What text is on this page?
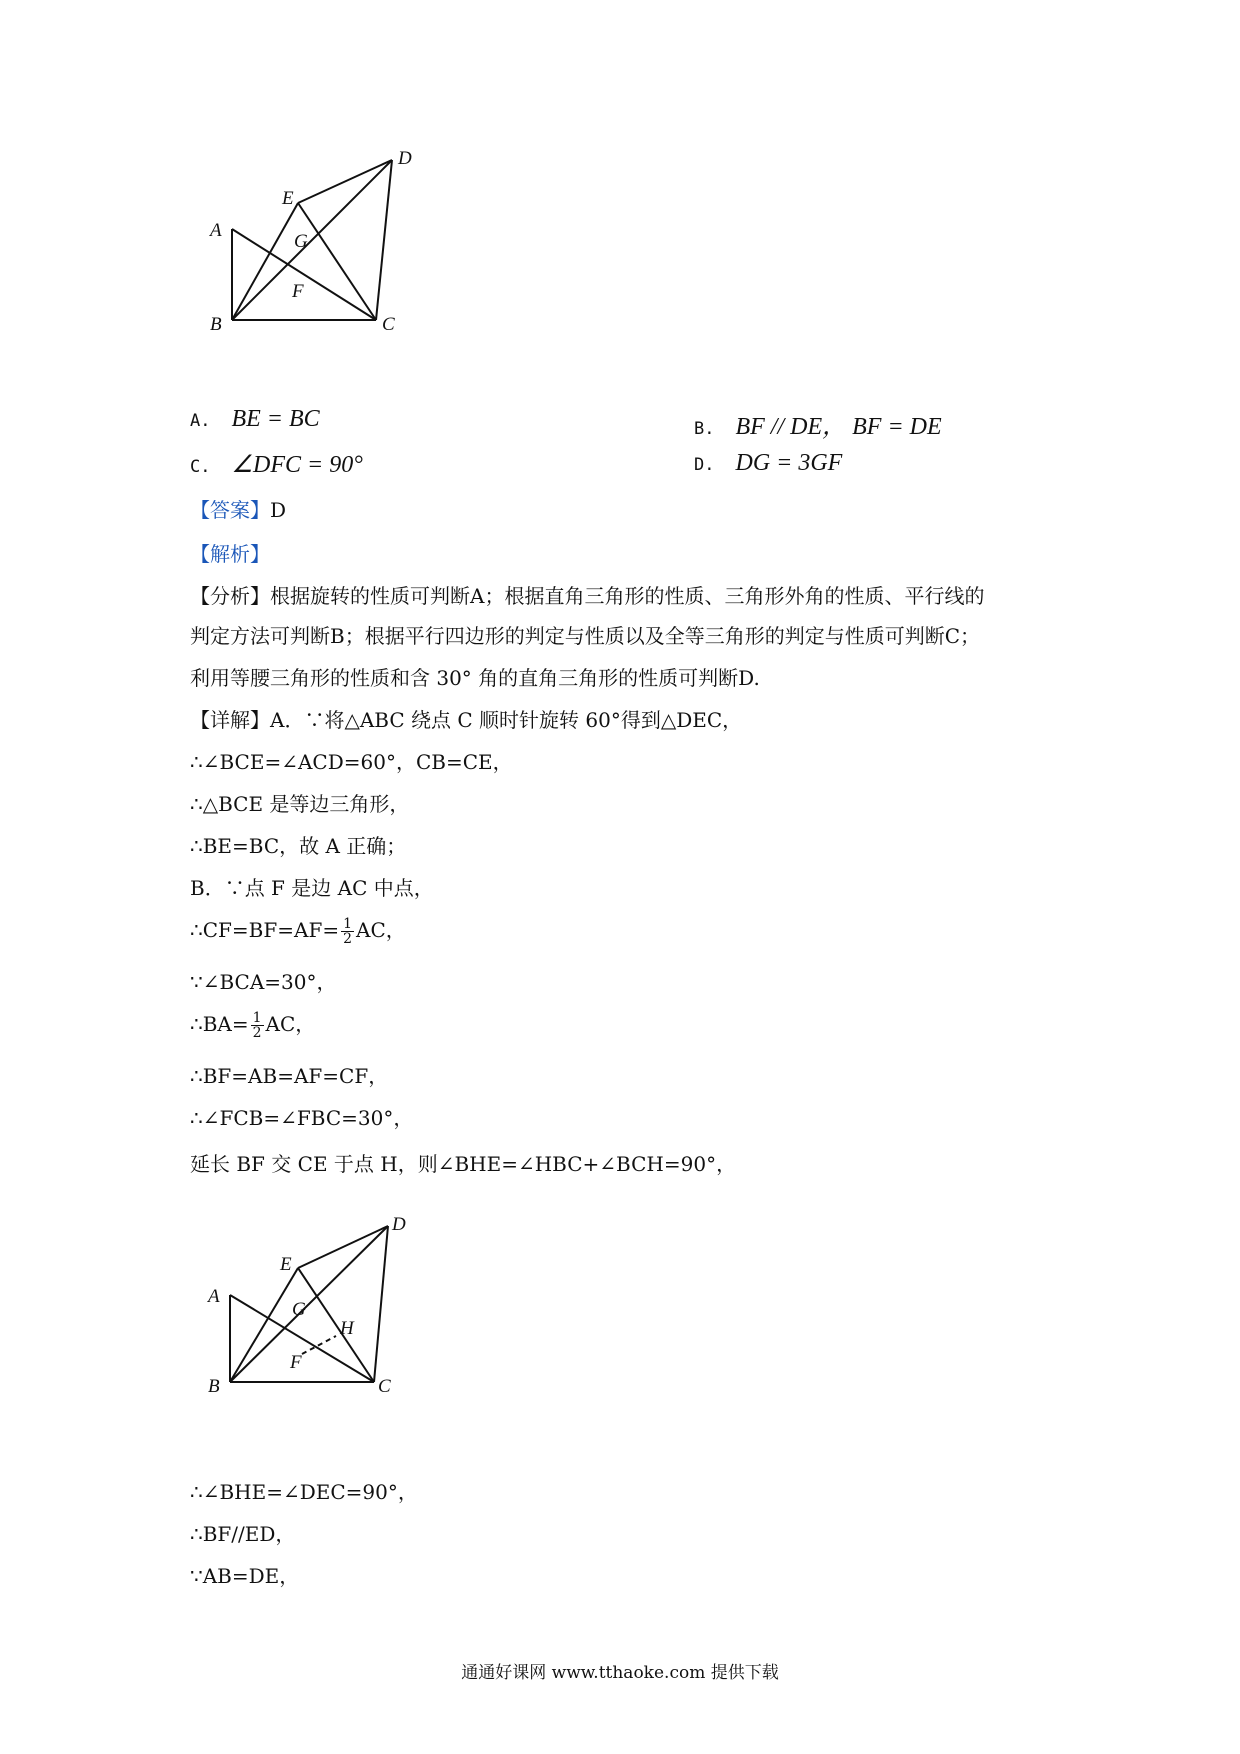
A
B	C
D
E
F
G
A. BE = BC	B. BF // DE， BF = DE
C. ∠DFC = 90°	D. DG = 3GF
【答案】D
【解析】
【分析】根据旋转的性质可判断A；根据直角三角形的性质、三角形外角的性质、平行线的
判定方法可判断B；根据平行四边形的判定与性质以及全等三角形的判定与性质可判断C；
利用等腰三角形的性质和含 30° 角的直角三角形的性质可判断D.
【详解】A．∵将△ABC 绕点 C 顺时针旋转 60°得到△DEC，
∴∠BCE=∠ACD=60°，CB=CE，
∴△BCE 是等边三角形，
∴BE=BC，故 A 正确；
B．∵点 F 是边 AC 中点，
∴CF=BF=AF= $\frac{1}{2}$ AC，
∵∠BCA=30°，
∴BA= $\frac{1}{2}$ AC，
∴BF=AB=AF=CF，
∴∠FCB=∠FBC=30°，
延长 BF 交 CE 于点 H，则∠BHE=∠HBC+∠BCH=90°，
A
B	C
D
E
F
G
H
∴∠BHE=∠DEC=90°，
∴BF//ED，
∵AB=DE，
通通好课网 www.tthaoke.com 提供下载
